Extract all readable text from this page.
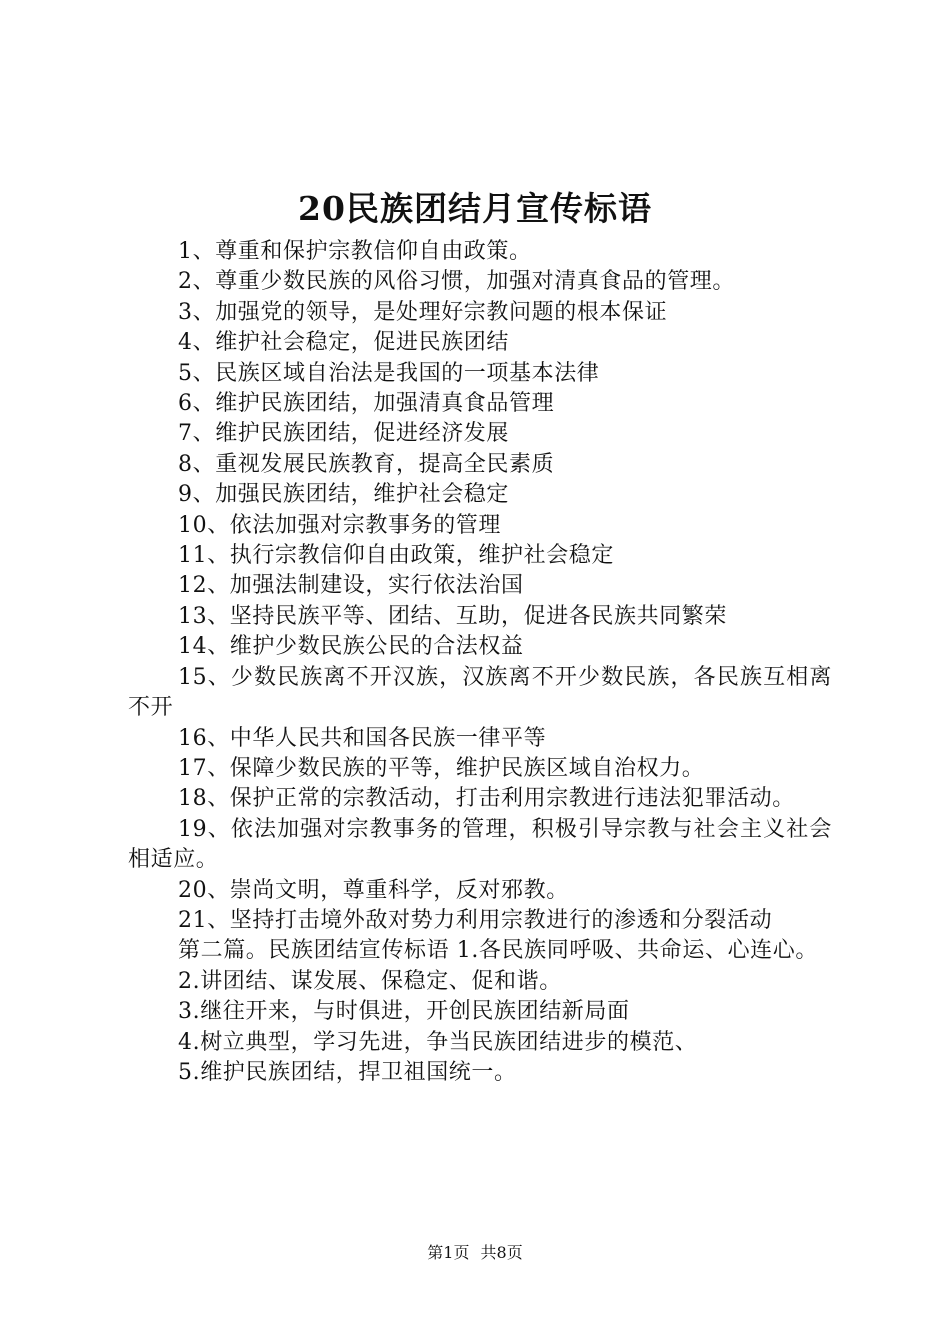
20民族团结月宣传标语

1、尊重和保护宗教信仰自由政策。

2、尊重少数民族的风俗习惯，加强对清真食品的管理。

3、加强党的领导，是处理好宗教问题的根本保证

4、维护社会稳定，促进民族团结

5、民族区域自治法是我国的一项基本法律

6、维护民族团结，加强清真食品管理

7、维护民族团结，促进经济发展

8、重视发展民族教育，提高全民素质

9、加强民族团结，维护社会稳定

10、依法加强对宗教事务的管理

11、执行宗教信仰自由政策，维护社会稳定

12、加强法制建设，实行依法治国

13、坚持民族平等、团结、互助，促进各民族共同繁荣

14、维护少数民族公民的合法权益

15、少数民族离不开汉族，汉族离不开少数民族，各民族互相离不开

16、中华人民共和国各民族一律平等

17、保障少数民族的平等，维护民族区域自治权力。

18、保护正常的宗教活动，打击利用宗教进行违法犯罪活动。

19、依法加强对宗教事务的管理，积极引导宗教与社会主义社会相适应。

20、崇尚文明，尊重科学，反对邪教。

21、坚持打击境外敌对势力利用宗教进行的渗透和分裂活动

第二篇。民族团结宣传标语 1.各民族同呼吸、共命运、心连心。

2.讲团结、谋发展、保稳定、促和谐。

3.继往开来，与时俱进，开创民族团结新局面

4.树立典型，学习先进，争当民族团结进步的模范、

5.维护民族团结，捍卫祖国统一。

第1页 共8页
